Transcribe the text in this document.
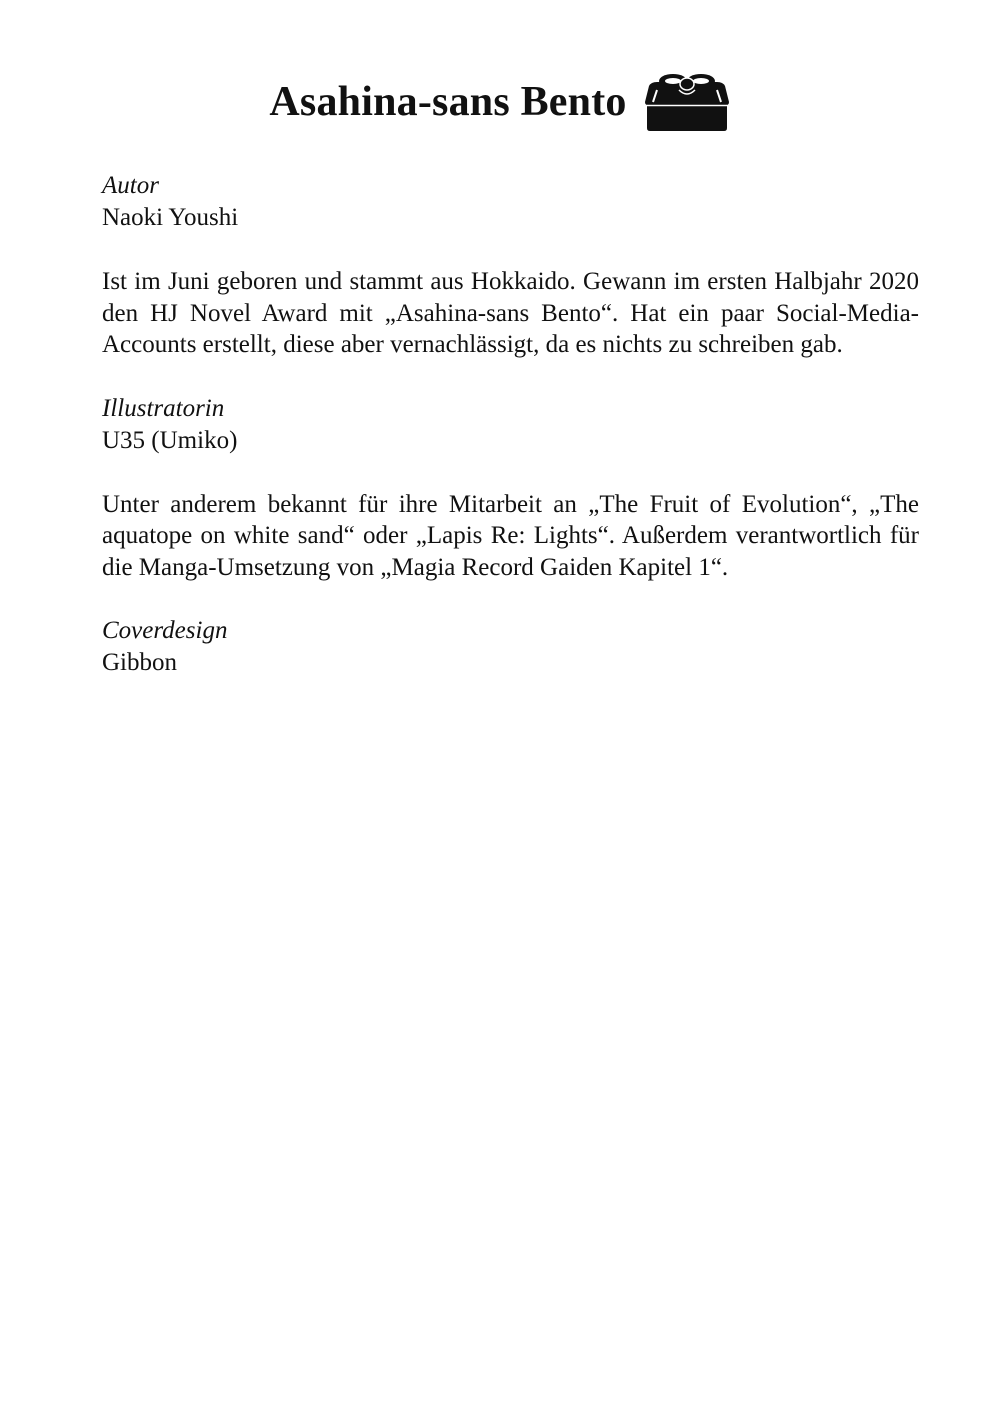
Asahina-sans Bento

Autor

Naoki Youshi

Ist im Juni geboren und stammt aus Hokkaido. Gewann im ersten Halbjahr 2020 den HJ Novel Award mit „Asahina-sans Bento“. Hat ein paar Social-Media-Accounts erstellt, diese aber vernachlässigt, da es nichts zu schreiben gab.

Illustratorin

U35 (Umiko)

Unter anderem bekannt für ihre Mitarbeit an „The Fruit of Evolution“, „The aquatope on white sand“ oder „Lapis Re: Lights“. Außerdem verantwortlich für die Manga-Umsetzung von „Magia Record Gaiden Kapitel 1“.

Coverdesign

Gibbon
